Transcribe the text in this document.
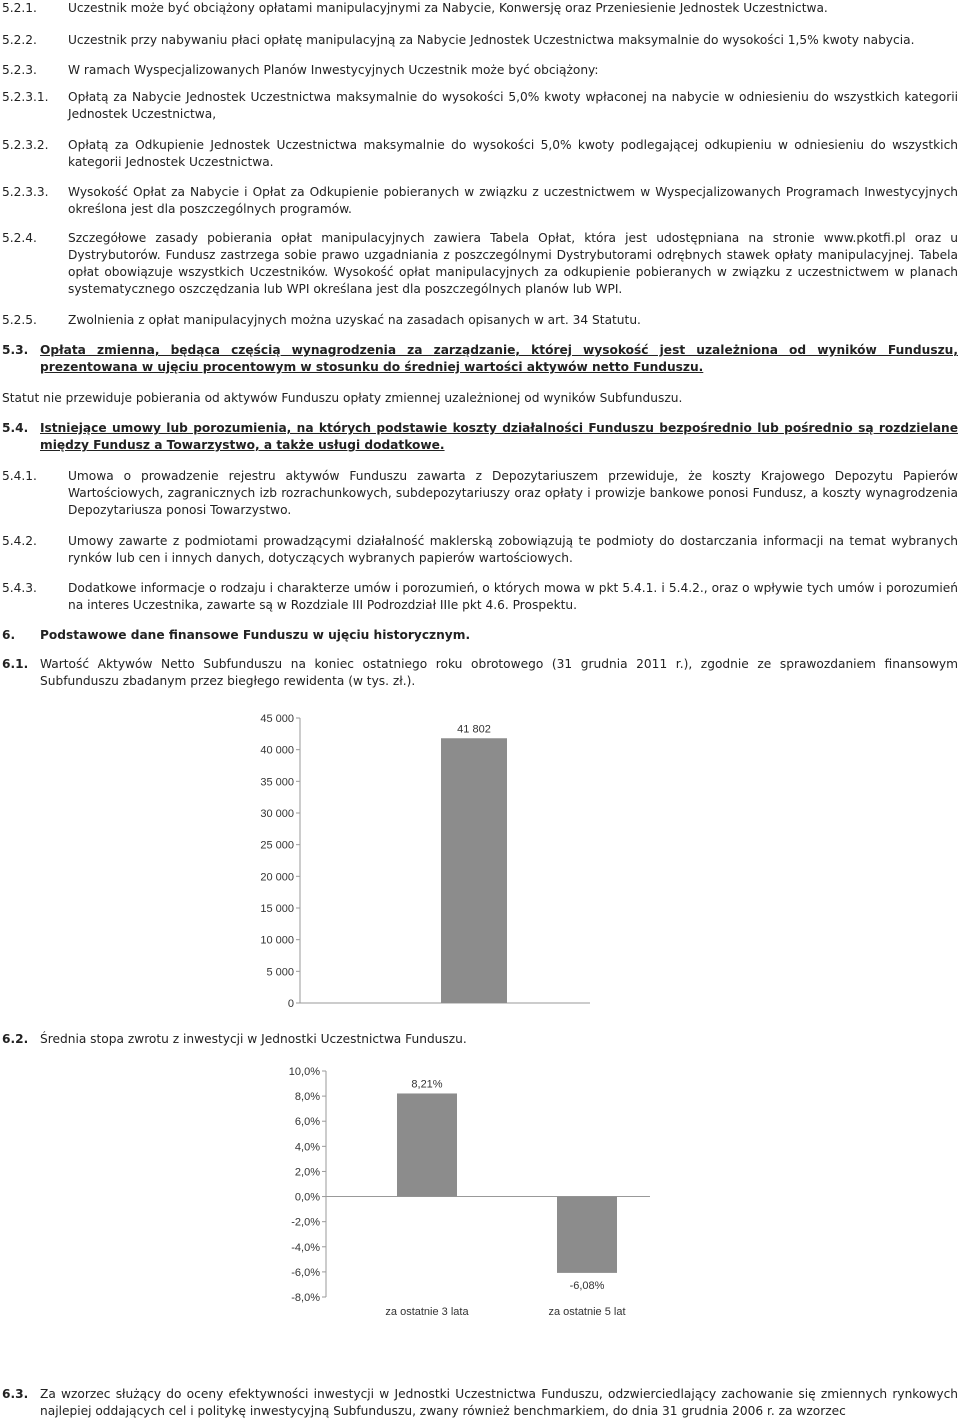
5.2.1.	Uczestnik może być obciążony opłatami manipulacyjnymi za Nabycie, Konwersję oraz Przeniesienie Jednostek Uczestnictwa.
5.2.2.	Uczestnik przy nabywaniu płaci opłatę manipulacyjną za Nabycie Jednostek Uczestnictwa maksymalnie do wysokości 1,5% kwoty nabycia.
5.2.3.	W ramach Wyspecjalizowanych Planów Inwestycyjnych Uczestnik może być obciążony:
5.2.3.1. Opłatą za Nabycie Jednostek Uczestnictwa maksymalnie do wysokości 5,0% kwoty wpłaconej na nabycie w odniesieniu do wszystkich kategorii Jednostek Uczestnictwa,
5.2.3.2. Opłatą za Odkupienie Jednostek Uczestnictwa maksymalnie do wysokości 5,0% kwoty podlegającej odkupieniu w odniesieniu do wszystkich kategorii Jednostek Uczestnictwa.
5.2.3.3. Wysokość Opłat za Nabycie i Opłat za Odkupienie pobieranych w związku z uczestnictwem w Wyspecjalizowanych Programach Inwestycyjnych określona jest dla poszczególnych programów.
5.2.4.	Szczegółowe zasady pobierania opłat manipulacyjnych zawiera Tabela Opłat, która jest udostępniana na stronie www.pkotfi.pl oraz u Dystrybutorów. Fundusz zastrzega sobie prawo uzgadniania z poszczególnymi Dystrybutorami odrębnych stawek opłaty manipulacyjnej. Tabela opłat obowiązuje wszystkich Uczestników. Wysokość opłat manipulacyjnych za odkupienie pobieranych w związku z uczestnictwem w planach systematycznego oszczędzania lub WPI określana jest dla poszczególnych planów lub WPI.
5.2.5.	Zwolnienia z opłat manipulacyjnych można uzyskać na zasadach opisanych w art. 34 Statutu.
5.3. Opłata zmienna, będąca częścią wynagrodzenia za zarządzanie, której wysokość jest uzależniona od wyników Funduszu, prezentowana w ujęciu procentowym w stosunku do średniej wartości aktywów netto Funduszu.
Statut nie przewiduje pobierania od aktywów Funduszu opłaty zmiennej uzależnionej od wyników Subfunduszu.
5.4. Istniejące umowy lub porozumienia, na których podstawie koszty działalności Funduszu bezpośrednio lub pośrednio są rozdzielane między Fundusz a Towarzystwo, a także usługi dodatkowe.
5.4.1.	Umowa o prowadzenie rejestru aktywów Funduszu zawarta z Depozytariuszem przewiduje, że koszty Krajowego Depozytu Papierów Wartościowych, zagranicznych izb rozrachunkowych, subdepozytariuszy oraz opłaty i prowizje bankowe ponosi Fundusz, a koszty wynagrodzenia Depozytariusza ponosi Towarzystwo.
5.4.2.	Umowy zawarte z podmiotami prowadzącymi działalność maklerską zobowiązują te podmioty do dostarczania informacji na temat wybranych rynków lub cen i innych danych, dotyczących wybranych papierów wartościowych.
5.4.3.	Dodatkowe informacje o rodzaju i charakterze umów i porozumień, o których mowa w pkt 5.4.1. i 5.4.2., oraz o wpływie tych umów i porozumień na interes Uczestnika, zawarte są w Rozdziale III Podrozdział IIIe pkt 4.6. Prospektu.
6. Podstawowe dane finansowe Funduszu w ujęciu historycznym.
6.1. Wartość Aktywów Netto Subfunduszu na koniec ostatniego roku obrotowego (31 grudnia 2011 r.), zgodnie ze sprawozdaniem finansowym Subfunduszu zbadanym przez biegłego rewidenta (w tys. zł.).
0
5 000
10 000
15 000
20 000
25 000
30 000
35 000
40 000
45 000
41 802
6.2. Średnia stopa zwrotu z inwestycji w Jednostki Uczestnictwa Funduszu.
10,0%
8,0%
6,0%
4,0%
2,0%
0,0%
-2,0%
-4,0%
-6,0%
-8,0%
8,21%
za ostatnie 3 lata
-6,08%
za ostatnie 5 lat
6.3. Za wzorzec służący do oceny efektywności inwestycji w Jednostki Uczestnictwa Funduszu, odzwierciedlający zachowanie się zmiennych rynkowych najlepiej oddających cel i politykę inwestycyjną Subfunduszu, zwany również benchmarkiem, do dnia 31 grudnia 2006 r. za wzorzec
